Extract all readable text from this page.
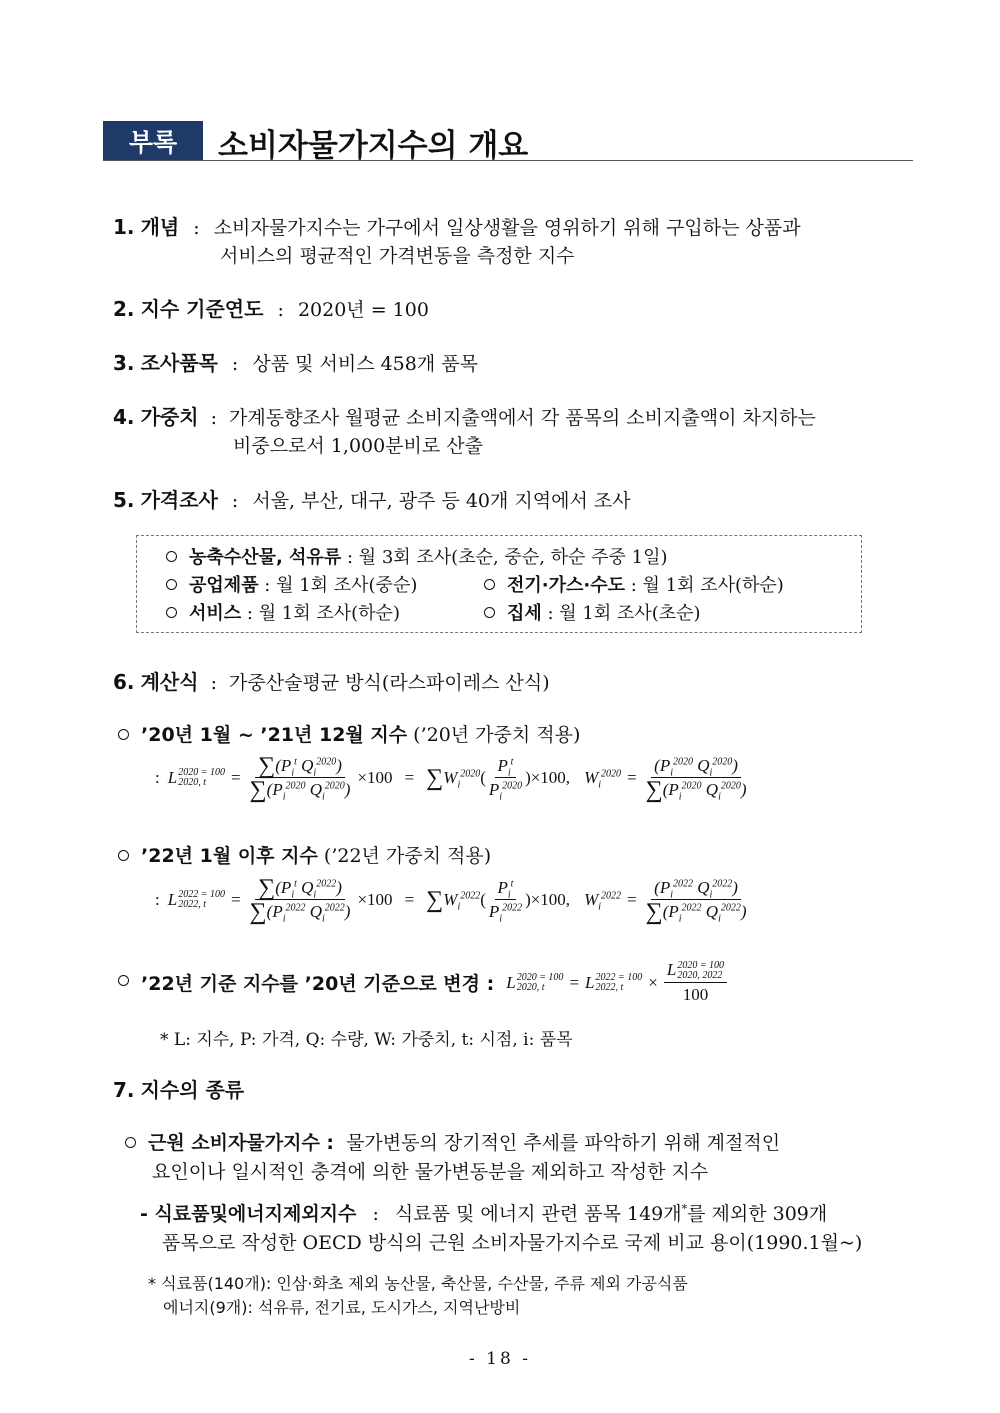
부록	소비자물가지수의 개요
1. 개념 : 소비자물가지수는 가구에서 일상생활을 영위하기 위해 구입하는 상품과
서비스의 평균적인 가격변동을 측정한 지수
2. 지수 기준연도 : 2020년 = 100
3. 조사품목 : 상품 및 서비스 458개 품목
4. 가중치 : 가계동향조사 월평균 소비지출액에서 각 품목의 소비지출액이 차지하는
비중으로서 1,000분비로 산출
5. 가격조사 : 서울, 부산, 대구, 광주 등 40개 지역에서 조사
농축수산물, 석유류 : 월 3회 조사(초순, 중순, 하순 주중 1일)
공업제품 : 월 1회 조사(중순)	전기·가스·수도 : 월 1회 조사(하순)
서비스 : 월 1회 조사(하순)	집세 : 월 1회 조사(초순)
6. 계산식 : 가중산술평균 방식(라스파이레스 산식)
’20년 1월 ~ ’21년 12월 지수 (’20년 가중치 적용)
: L 2020 = 100
2020, t	= $\frac{\sum(P_i^t Q_i^{2020})}{\sum(P_i^{2020} Q_i^{2020})} \times 100$ = ∑ $W_i^{2020}$ ( $\frac{P_i^t}{P_i^{2020}} )\times 100$, $W_i^{2020} = \frac{(P_i^{2020} Q_i^{2020})}{\sum(P_i^{2020} Q_i^{2020})}$
’22년 1월 이후 지수 (’22년 가중치 적용)
: L 2022 = 100
2022, t	= $\frac{\sum(P_i^t Q_i^{2022})}{\sum(P_i^{2022} Q_i^{2022})} \times 100$ = ∑ $W_i^{2022}$ ( $\frac{P_i^t}{P_i^{2022}} )\times 100$, $W_i^{2022} = \frac{(P_i^{2022} Q_i^{2022})}{\sum(P_i^{2022} Q_i^{2022})}$
’22년 기준 지수를 ’20년 기준으로 변경 : L 2020 = 100
2020, t	= L 2022 = 100
2022, t	× L 2020 = 100
2020, 2022
100
* L: 지수, P: 가격, Q: 수량, W: 가중치, t: 시점, i: 품목
7. 지수의 종류
근원 소비자물가지수 : 물가변동의 장기적인 추세를 파악하기 위해 계절적인
요인이나 일시적인 충격에 의한 물가변동분을 제외하고 작성한 지수
- 식료품및에너지제외지수 : 식료품 및 에너지 관련 품목 149개*를 제외한 309개
품목으로 작성한 OECD 방식의 근원 소비자물가지수로 국제 비교 용이(1990.1월~)
* 식료품(140개): 인삼·화초 제외 농산물, 축산물, 수산물, 주류 제외 가공식품
에너지(9개): 석유류, 전기료, 도시가스, 지역난방비
- 18 -
